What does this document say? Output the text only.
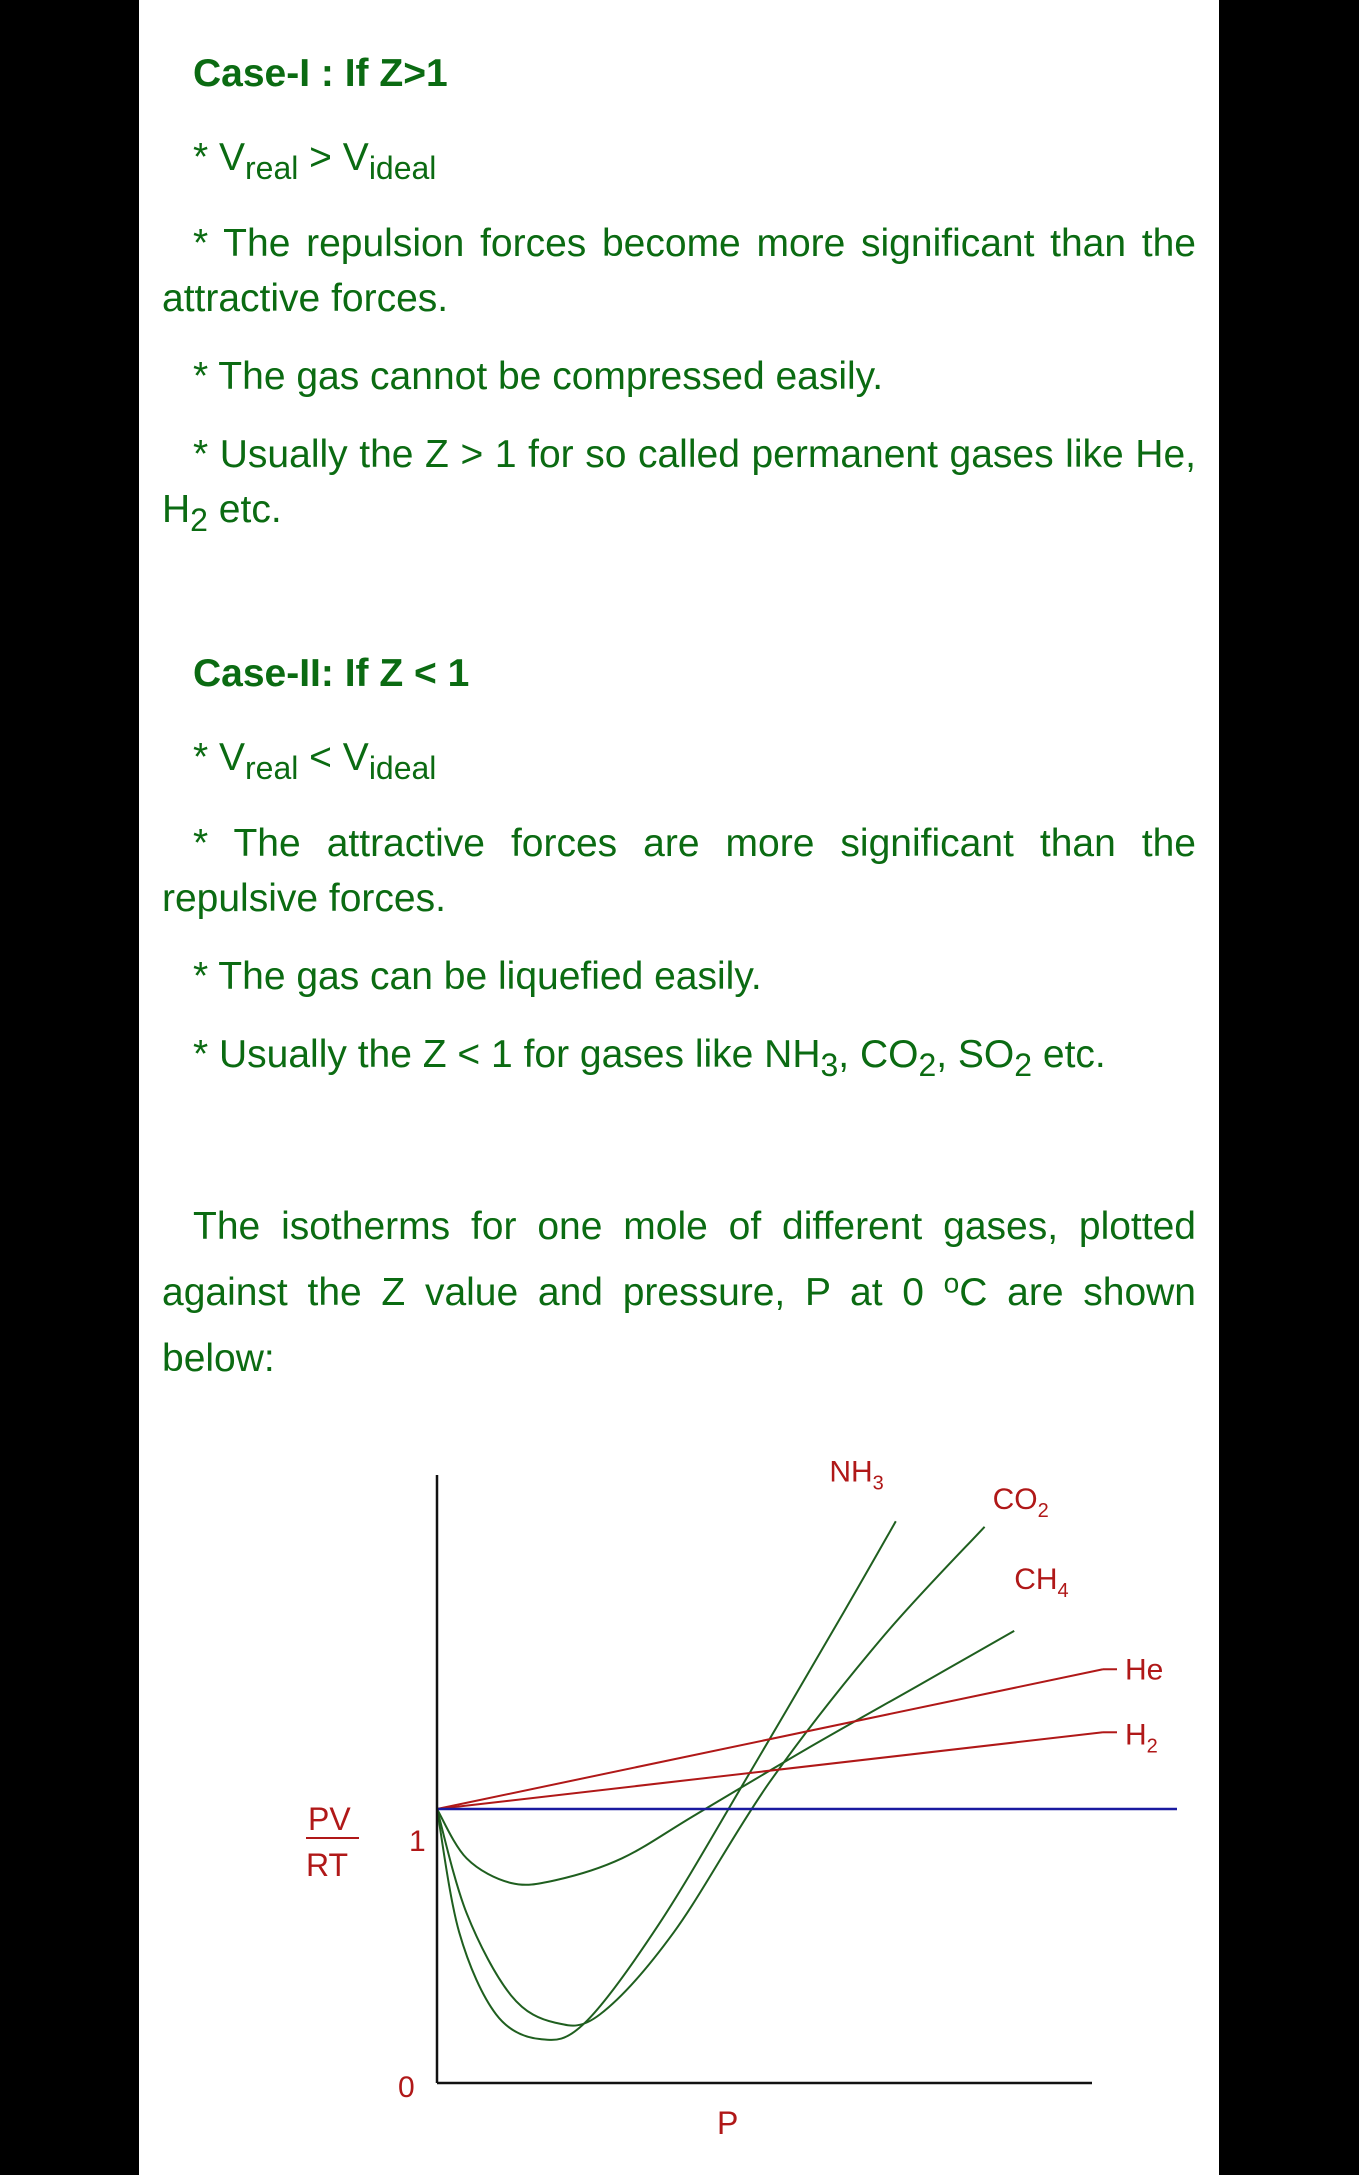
Case-I : If Z>1
* $V_{real} > V_{ideal}$
* The repulsion forces become more significant than the attractive forces.
* The gas cannot be compressed easily.
* Usually the Z > 1 for so called permanent gases like He, $H_2$ etc.
Case-II: If Z < 1
* $V_{real} < V_{ideal}$
* The attractive forces are more significant than the repulsive forces.
* The gas can be liquefied easily.
* Usually the Z < 1 for gases like $NH_3$, $CO_2$, $SO_2$ etc.
The isotherms for one mole of different gases, plotted against the Z value and pressure, P at 0 $^o$C are shown below:
1
0
PV
RT
P
$NH_3$	$CO_2$
$CH_4$
He
$H_2$
